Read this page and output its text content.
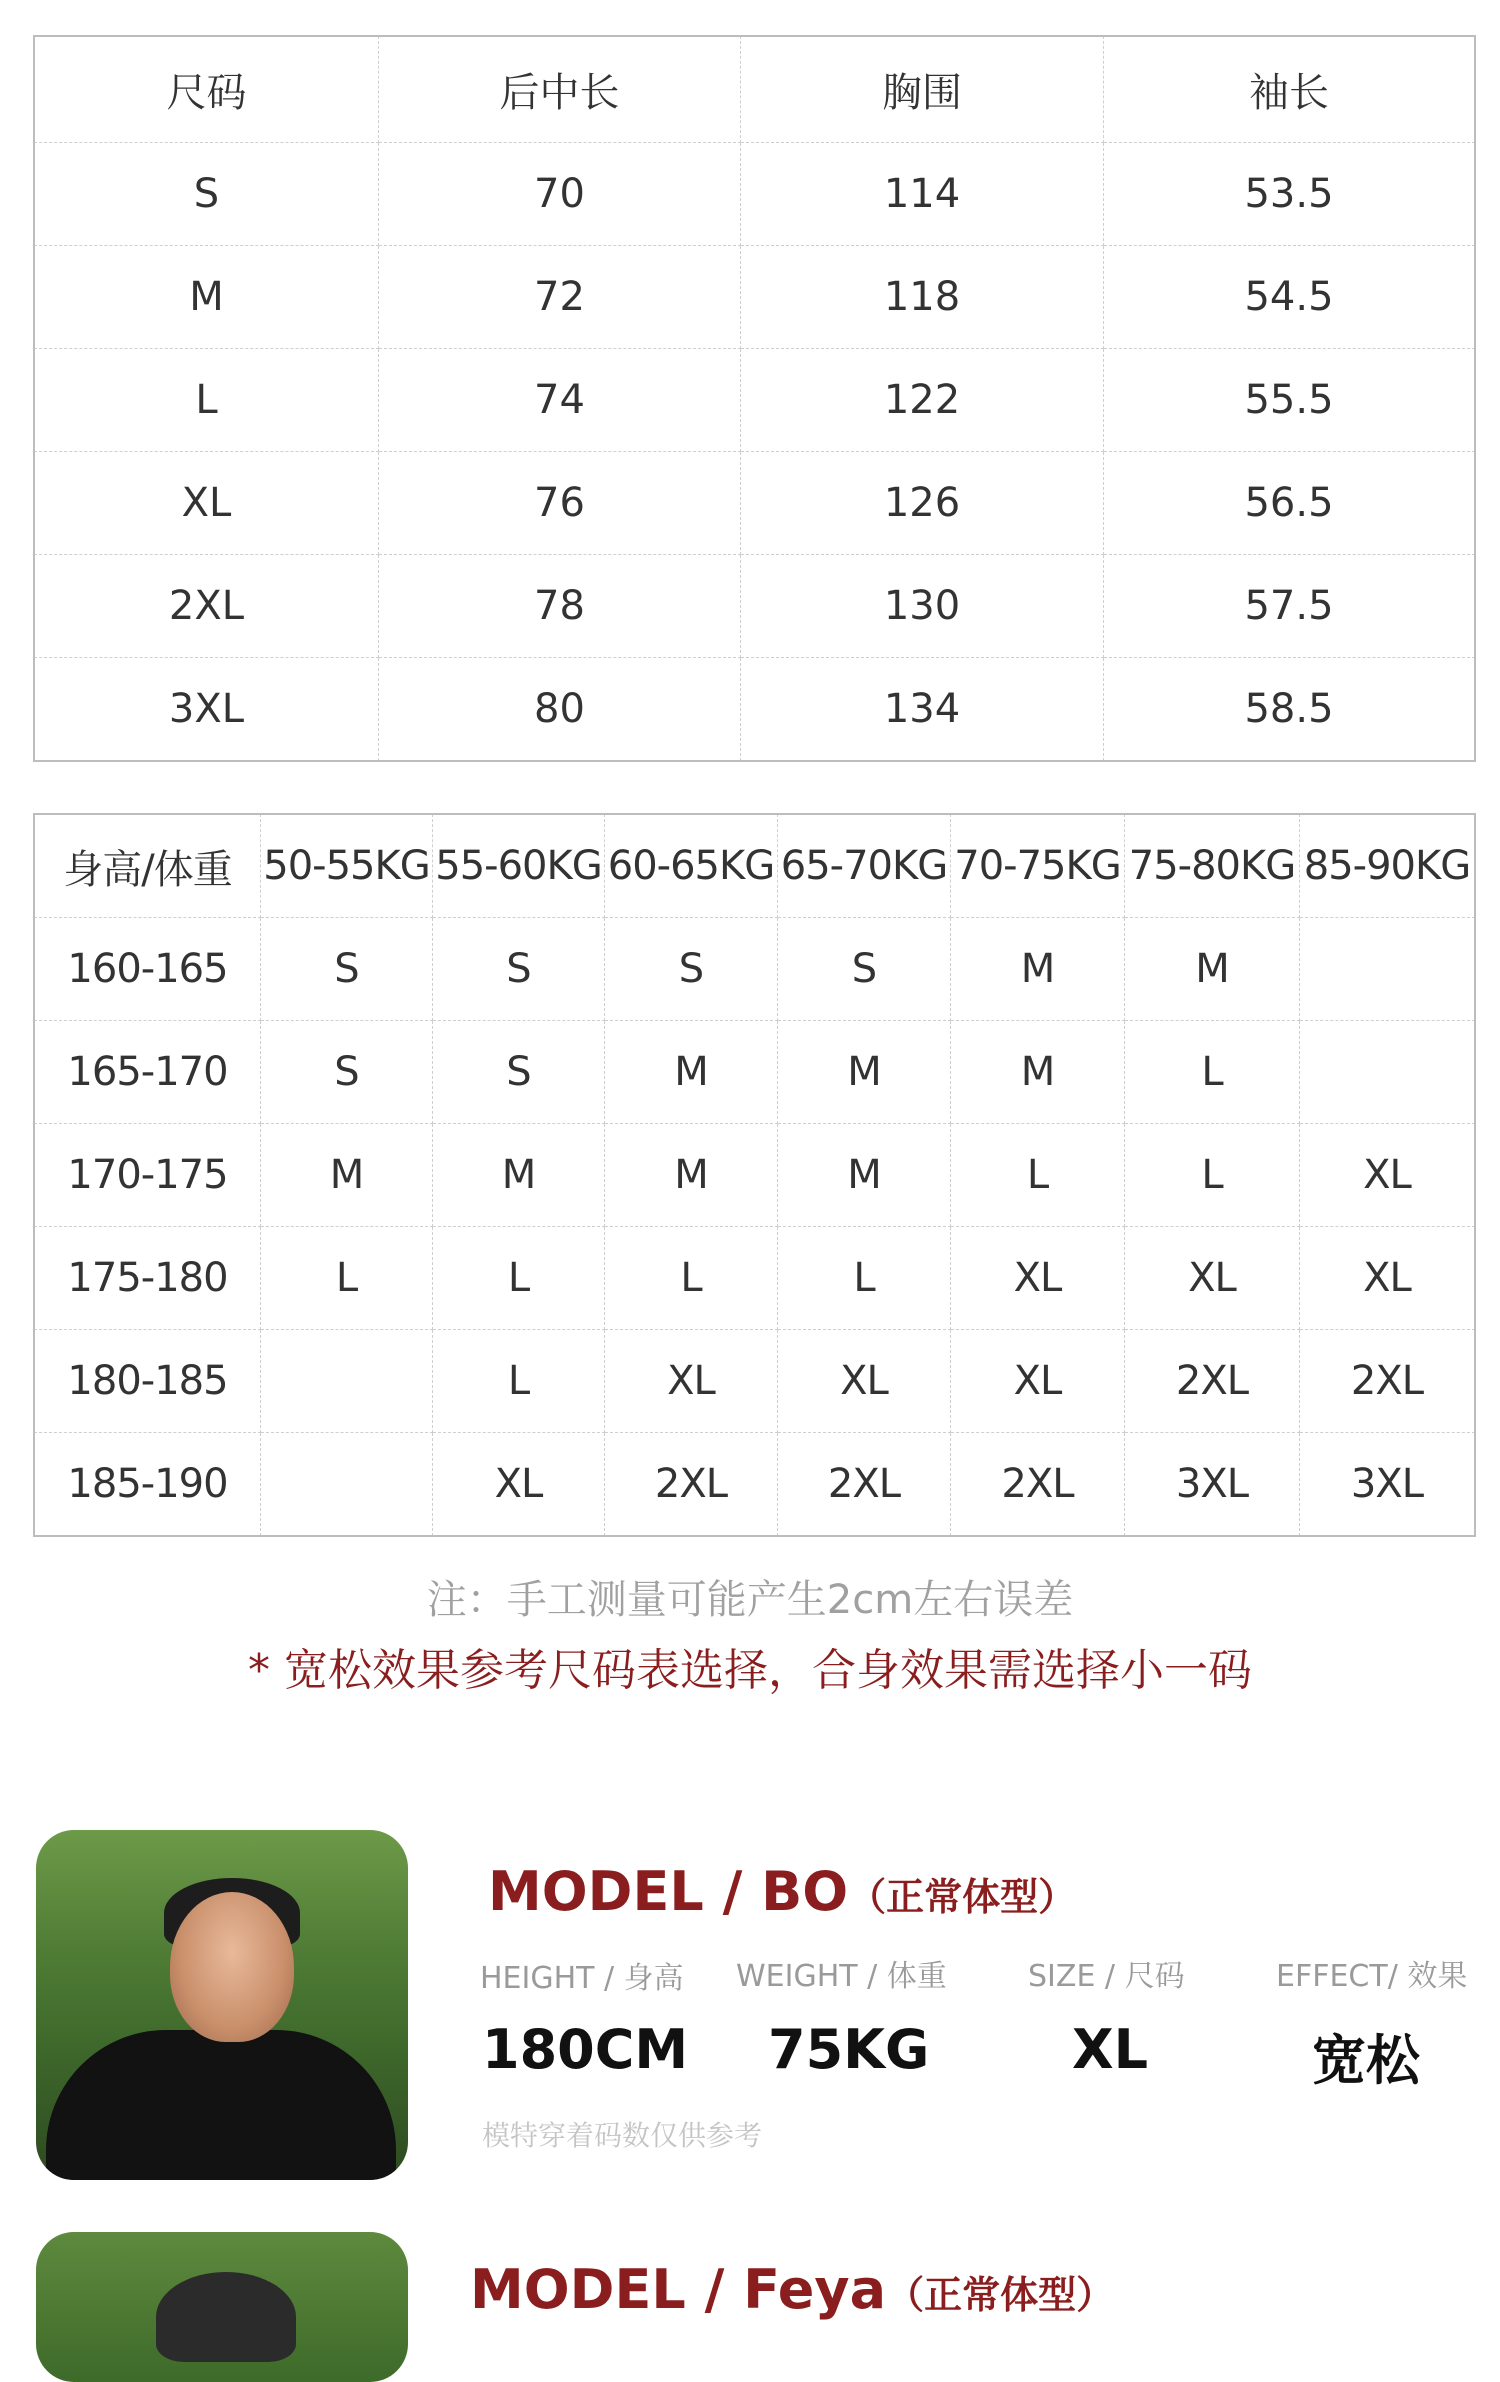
尺码	后中长	胸围	袖长
S	70	114	53.5
M	72	118	54.5
L	74	122	55.5
XL	76	126	56.5
2XL	78	130	57.5
3XL	80	134	58.5
身高/体重	50-55KG	55-60KG	60-65KG	65-70KG	70-75KG	75-80KG	85-90KG
160-165	S	S	S	S	M	M	
165-170	S	S	M	M	M	L	
170-175	M	M	M	M	L	L	XL
175-180	L	L	L	L	XL	XL	XL
180-185		L	XL	XL	XL	2XL	2XL
185-190		XL	2XL	2XL	2XL	3XL	3XL
注：手工测量可能产生2cm左右误差
* 宽松效果参考尺码表选择，合身效果需选择小一码
MODEL / BO（正常体型）
HEIGHT / 身高 WEIGHT / 体重	SIZE / 尺码	EFFECT/ 效果
180CM 75KG	XL	宽松
模特穿着码数仅供参考
MODEL / Feya（正常体型）
